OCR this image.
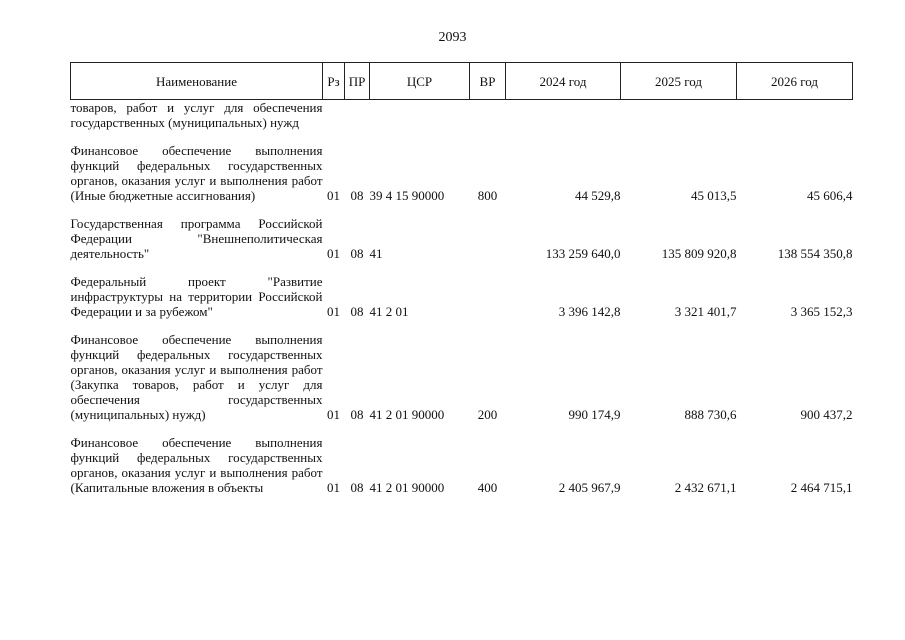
2093
Наименование	Рз	ПР	ЦСР	ВР	2024 год	2025 год	2026 год
товаров, работ и услуг для обеспечения государственных (муниципальных) нужд							

Финансовое обеспечение выполнения функций федеральных государственных органов, оказания услуг и выполнения работ (Иные бюджетные ассигнования)	01	08	39 4 15 90000	800	44 529,8	45 013,5	45 606,4

Государственная программа Российской Федерации "Внешнеполитическая деятельность"	01	08	41		133 259 640,0	135 809 920,8	138 554 350,8

Федеральный проект "Развитие инфраструктуры на территории Российской Федерации и за рубежом"	01	08	41 2 01		3 396 142,8	3 321 401,7	3 365 152,3

Финансовое обеспечение выполнения функций федеральных государственных органов, оказания услуг и выполнения работ (Закупка товаров, работ и услуг для обеспечения государственных (муниципальных) нужд)	01	08	41 2 01 90000	200	990 174,9	888 730,6	900 437,2

Финансовое обеспечение выполнения функций федеральных государственных органов, оказания услуг и выполнения работ (Капитальные вложения в объекты	01	08	41 2 01 90000	400	2 405 967,9	2 432 671,1	2 464 715,1
